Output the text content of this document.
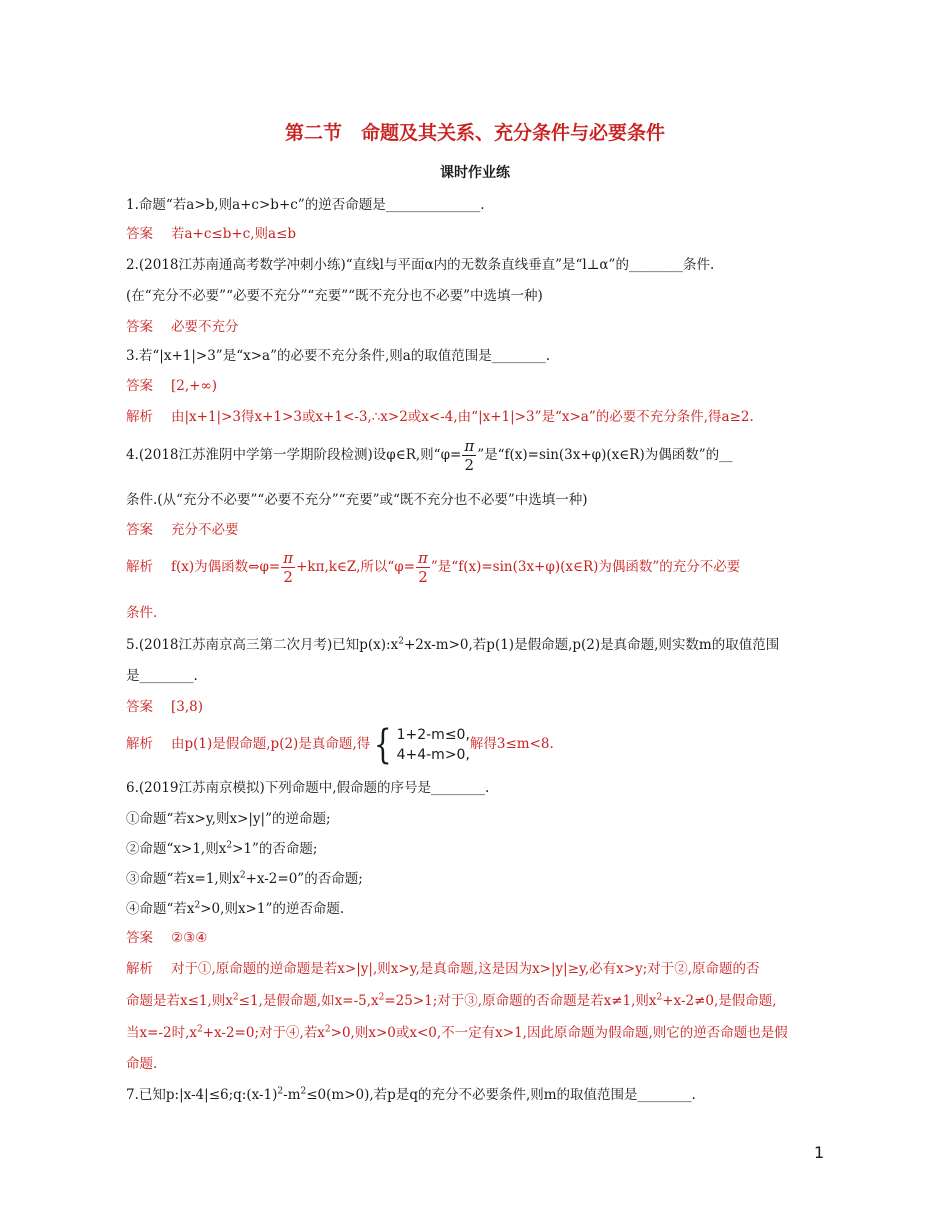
第二节　命题及其关系、充分条件与必要条件
课时作业练

1.命题“若a>b,则a+c>b+c”的逆否命题是______________.

答案 若a+c≤b+c,则a≤b

2.(2018江苏南通高考数学冲刺小练)“直线l与平面α内的无数条直线垂直”是“l⊥α”的________条件.

(在“充分不必要”“必要不充分”“充要”“既不充分也不必要”中选填一种)

答案 必要不充分

3.若“|x+1|>3”是“x>a”的必要不充分条件,则a的取值范围是________.

答案 [2,+∞)

解析 由|x+1|>3得x+1>3或x+1<-3,∴x>2或x<-4,由“|x+1|>3”是“x>a”的必要不充分条件,得a≥2.

4.(2018江苏淮阴中学第一学期阶段检测)设φ∈R,则“$\varphi= \frac{\pi}{2}$ ”是“f(x)=sin(3x+φ)(x∈R)为偶函数”的__

条件.(从“充分不必要”“必要不充分”“充要”或“既不充分也不必要”中选填一种)

答案 充分不必要

解析 f(x)为偶函数⇔φ= $\frac{\pi}{2}$ +kπ,k∈Z,所以“$\varphi= \frac{\pi}{2}$ ”是“f(x)=sin(3x+φ)(x∈R)为偶函数”的充分不必要

条件.

5.(2018江苏南京高三第二次月考)已知$p(x):x^2+2x-m>0$,若p(1)是假命题,p(2)是真命题,则实数m的取值范围

是________.

答案 [3,8)

解析 由p(1)是假命题,p(2)是真命题,得 { 1+2-m≤0,
4+4-m>0,
解得3≤m<8.

6.(2019江苏南京模拟)下列命题中,假命题的序号是________.

①命题“若x>y,则x>|y|”的逆命题;

②命题“x>1,则$x^2>1$”的否命题;

③命题“若x=1,则$x^2+x-2=0$”的否命题;

④命题“若$x^2>0$,则x>1”的逆否命题.

答案 ②③④

解析 对于①,原命题的逆命题是若x>|y|,则x>y,是真命题,这是因为x>|y|≥y,必有x>y;对于②,原命题的否

命题是若x≤1,则$x^2\le 1$,是假命题,如$x=-5,x^2=25>1$;对于③,原命题的否命题是若x≠1,则$x^2+x-2\ne 0$,是假命题,

当x=-2时$,x^2+x-2=0$;对于④,若$x^2>0$,则x>0或x<0,不一定有x>1,因此原命题为假命题,则它的逆否命题也是假

命题.

7.已知$p:|x-4|\le 6;q:(x-1)^2-m^2\le 0(m>0)$,若p是q的充分不必要条件,则m的取值范围是________.

1
